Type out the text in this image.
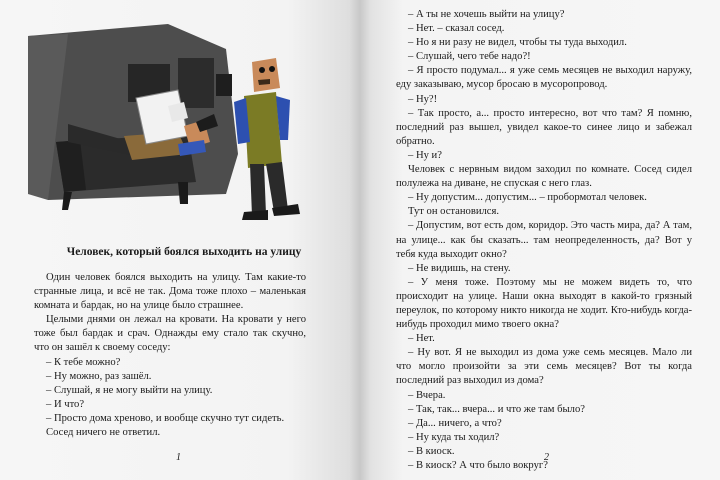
Человек, который боялся выходить на улицу

Один человек боялся выходить на улицу. Там какие-то странные лица, и всё не так. Дома тоже плохо – маленькая комната и бардак, но на улице было страшнее.

Целыми днями он лежал на кровати. На кровати у него тоже был бардак и срач. Однажды ему стало так скучно, что он зашёл к своему соседу:

– К тебе можно?

– Ну можно, раз зашёл.

– Слушай, я не могу выйти на улицу.

– И что?

– Просто дома хреново, и вообще скучно тут сидеть.

Сосед ничего не ответил.

1

– А ты не хочешь выйти на улицу?

– Нет. – сказал сосед.

– Но я ни разу не видел, чтобы ты туда выходил.

– Слушай, чего тебе надо?!

– Я просто подумал... я уже семь месяцев не выходил наружу, еду заказываю, мусор бросаю в мусоропровод.

– Ну?!

– Так просто, а... просто интересно, вот что там? Я помню, последний раз вышел, увидел какое-то синее лицо и забежал обратно.

– Ну и?

Человек с нервным видом заходил по комнате. Сосед сидел полулежа на диване, не спуская с него глаз.

– Ну допустим... допустим... – пробормотал человек.

Тут он остановился.

– Допустим, вот есть дом, коридор. Это часть мира, да? А там, на улице... как бы сказать... там неопределенность, да? Вот у тебя куда выходит окно?

– Не видишь, на стену.

– У меня тоже. Поэтому мы не можем видеть то, что происходит на улице. Наши окна выходят в какой-то грязный переулок, по которому никто никогда не ходит. Кто-нибудь когда-нибудь проходил мимо твоего окна?

– Нет.

– Ну вот. Я не выходил из дома уже семь месяцев. Мало ли что могло произойти за эти семь месяцев? Вот ты когда последний раз выходил из дома?

– Вчера.

– Так, так... вчера... и что же там было?

– Да... ничего, а что?

– Ну куда ты ходил?

– В киоск.

– В киоск? А что было вокруг?

2
